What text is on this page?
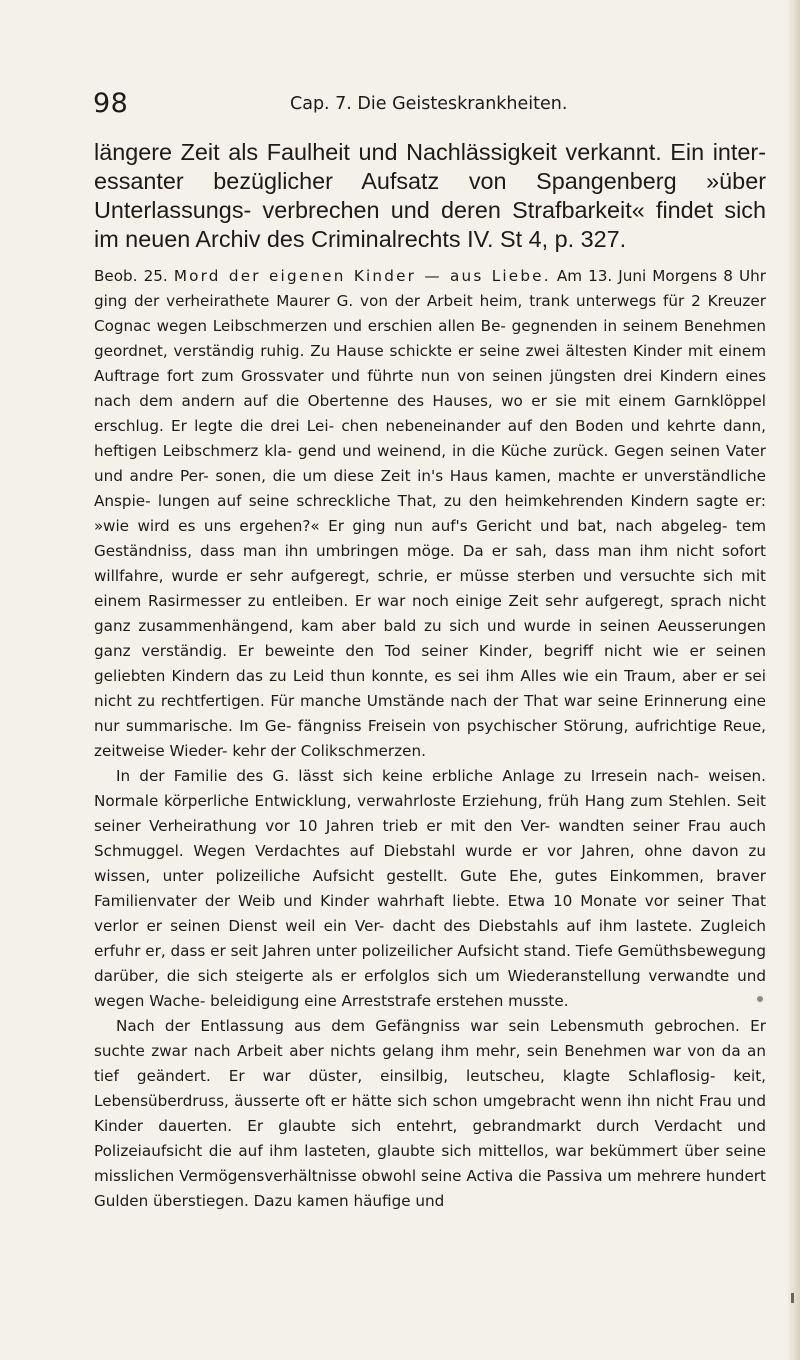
98	Cap. 7. Die Geisteskrankheiten.

längere Zeit als Faulheit und Nachlässigkeit verkannt. Ein inter- essanter bezüglicher Aufsatz von Spangenberg »über Unterlassungs- verbrechen und deren Strafbarkeit« findet sich im neuen Archiv des Criminalrechts IV. St 4, p. 327.

Beob. 25. Mord der eigenen Kinder — aus Liebe. Am 13. Juni Morgens 8 Uhr ging der verheirathete Maurer G. von der Arbeit heim, trank unterwegs für 2 Kreuzer Cognac wegen Leibschmerzen und erschien allen Be- gegnenden in seinem Benehmen geordnet, verständig ruhig. Zu Hause schickte er seine zwei ältesten Kinder mit einem Auftrage fort zum Grossvater und führte nun von seinen jüngsten drei Kindern eines nach dem andern auf die Obertenne des Hauses, wo er sie mit einem Garnklöppel erschlug. Er legte die drei Lei- chen nebeneinander auf den Boden und kehrte dann, heftigen Leibschmerz kla- gend und weinend, in die Küche zurück. Gegen seinen Vater und andre Per- sonen, die um diese Zeit in's Haus kamen, machte er unverständliche Anspie- lungen auf seine schreckliche That, zu den heimkehrenden Kindern sagte er: »wie wird es uns ergehen?« Er ging nun auf's Gericht und bat, nach abgeleg- tem Geständniss, dass man ihn umbringen möge. Da er sah, dass man ihm nicht sofort willfahre, wurde er sehr aufgeregt, schrie, er müsse sterben und versuchte sich mit einem Rasirmesser zu entleiben. Er war noch einige Zeit sehr aufgeregt, sprach nicht ganz zusammenhängend, kam aber bald zu sich und wurde in seinen Aeusserungen ganz verständig. Er beweinte den Tod seiner Kinder, begriff nicht wie er seinen geliebten Kindern das zu Leid thun konnte, es sei ihm Alles wie ein Traum, aber er sei nicht zu rechtfertigen. Für manche Umstände nach der That war seine Erinnerung eine nur summarische. Im Ge- fängniss Freisein von psychischer Störung, aufrichtige Reue, zeitweise Wieder- kehr der Colikschmerzen.

In der Familie des G. lässt sich keine erbliche Anlage zu Irresein nach- weisen. Normale körperliche Entwicklung, verwahrloste Erziehung, früh Hang zum Stehlen. Seit seiner Verheirathung vor 10 Jahren trieb er mit den Ver- wandten seiner Frau auch Schmuggel. Wegen Verdachtes auf Diebstahl wurde er vor Jahren, ohne davon zu wissen, unter polizeiliche Aufsicht gestellt. Gute Ehe, gutes Einkommen, braver Familienvater der Weib und Kinder wahrhaft liebte. Etwa 10 Monate vor seiner That verlor er seinen Dienst weil ein Ver- dacht des Diebstahls auf ihm lastete. Zugleich erfuhr er, dass er seit Jahren unter polizeilicher Aufsicht stand. Tiefe Gemüthsbewegung darüber, die sich steigerte als er erfolglos sich um Wiederanstellung verwandte und wegen Wache- beleidigung eine Arreststrafe erstehen musste.

Nach der Entlassung aus dem Gefängniss war sein Lebensmuth gebrochen. Er suchte zwar nach Arbeit aber nichts gelang ihm mehr, sein Benehmen war von da an tief geändert. Er war düster, einsilbig, leutscheu, klagte Schlaflosig- keit, Lebensüberdruss, äusserte oft er hätte sich schon umgebracht wenn ihn nicht Frau und Kinder dauerten. Er glaubte sich entehrt, gebrandmarkt durch Verdacht und Polizeiaufsicht die auf ihm lasteten, glaubte sich mittellos, war bekümmert über seine misslichen Vermögensverhältnisse obwohl seine Activa die Passiva um mehrere hundert Gulden überstiegen. Dazu kamen häufige und
